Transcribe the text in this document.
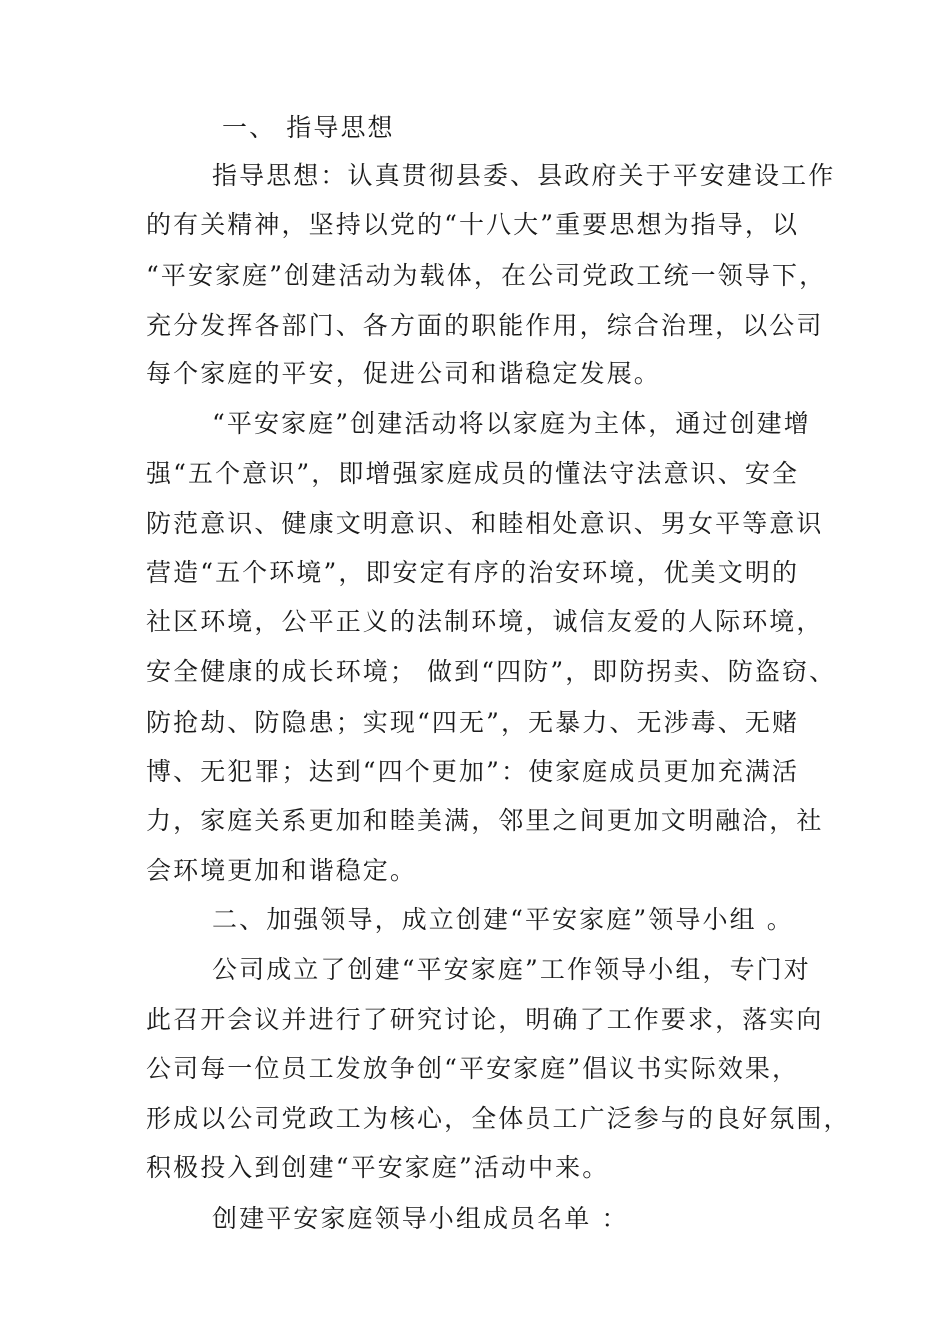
一、 指导思想
指导思想：认真贯彻县委、县政府关于平安建设工作
的有关精神，坚持以党的“十八大”重要思想为指导，以
“平安家庭”创建活动为载体，在公司党政工统一领导下，
充分发挥各部门、各方面的职能作用，综合治理，以公司
每个家庭的平安，促进公司和谐稳定发展。
“平安家庭”创建活动将以家庭为主体，通过创建增
强“五个意识”，即增强家庭成员的懂法守法意识、安全
防范意识、健康文明意识、和睦相处意识、男女平等意识
营造“五个环境”，即安定有序的治安环境，优美文明的
社区环境，公平正义的法制环境，诚信友爱的人际环境，
安全健康的成长环境； 做到“四防”，即防拐卖、防盗窃、
防抢劫、防隐患；实现“四无”，无暴力、无涉毒、无赌
博、无犯罪；达到“四个更加”：使家庭成员更加充满活
力，家庭关系更加和睦美满，邻里之间更加文明融洽，社
会环境更加和谐稳定。
二、加强领导，成立创建“平安家庭”领导小组 。
公司成立了创建“平安家庭”工作领导小组，专门对
此召开会议并进行了研究讨论，明确了工作要求，落实向
公司每一位员工发放争创“平安家庭”倡议书实际效果，
形成以公司党政工为核心，全体员工广泛参与的良好氛围，
积极投入到创建“平安家庭”活动中来。
创建平安家庭领导小组成员名单 ：
